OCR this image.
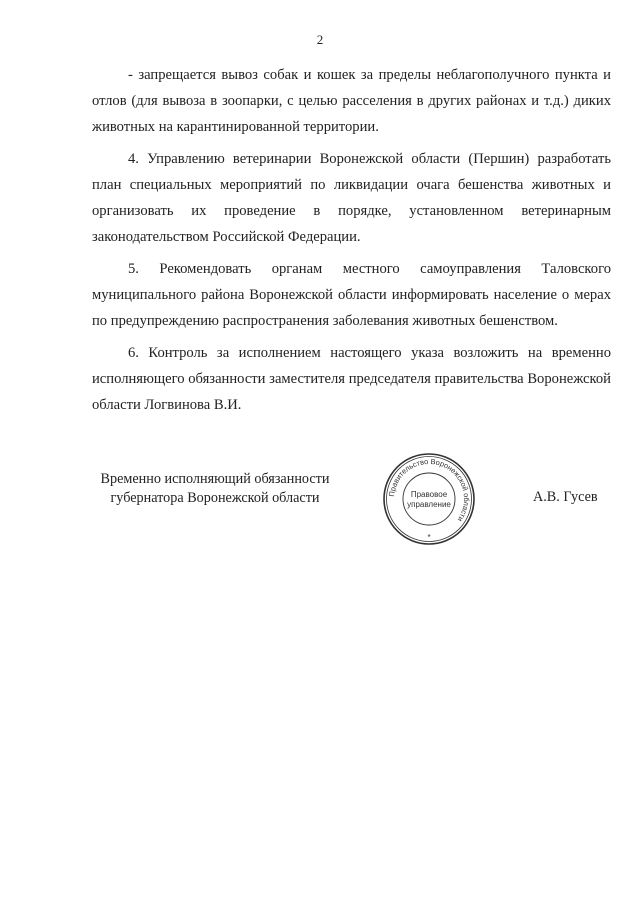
2

- запрещается вывоз собак и кошек за пределы неблагополучного пункта и отлов (для вывоза в зоопарки, с целью расселения в других районах и т.д.) диких животных на карантинированной территории.

4. Управлению ветеринарии Воронежской области (Першин) разработать план специальных мероприятий по ликвидации очага бешенства животных и организовать их проведение в порядке, установленном ветеринарным законодательством Российской Федерации.

5. Рекомендовать органам местного самоуправления Таловского муниципального района Воронежской области информировать население о мерах по предупреждению распространения заболевания животных бешенством.

6. Контроль за исполнением настоящего указа возложить на временно исполняющего обязанности заместителя председателя правительства Воронежской области Логвинова В.И.

Временно исполняющий обязанности
губернатора Воронежской области	Правительство Воронежской области
Правовое
управление
*
А.В. Гусев
